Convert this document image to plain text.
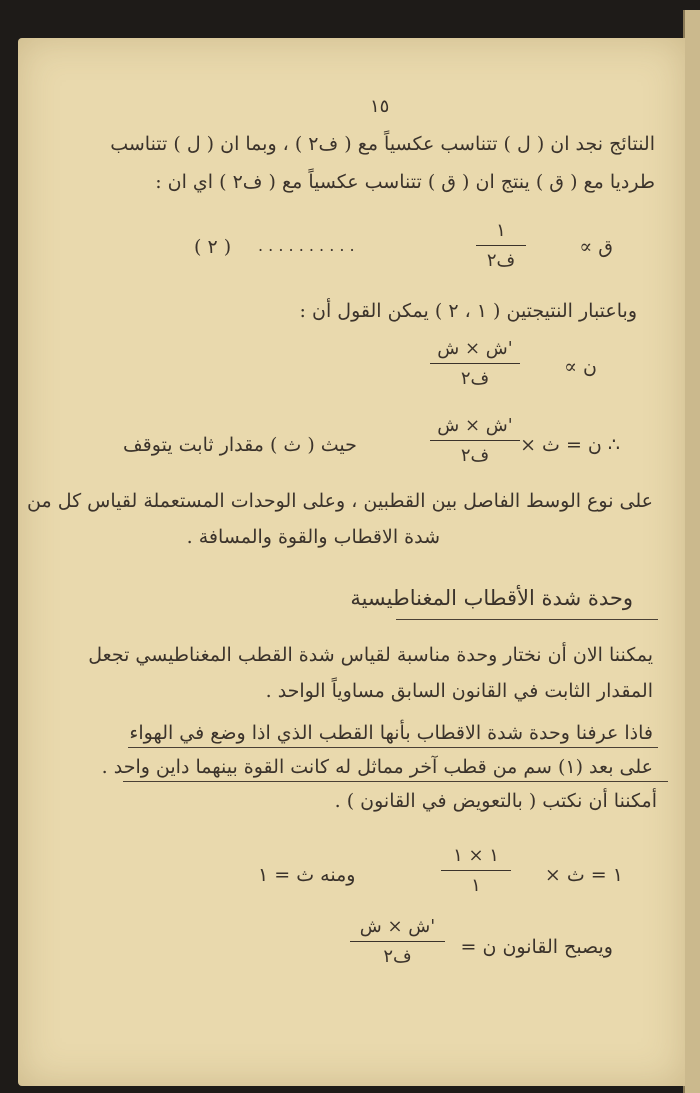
١٥
النتائج نجد ان ( ل ) تتناسب عكسياً مع ( ف٢ ) ، وبما ان ( ل ) تتناسب
طرديا مع ( ق ) ينتج ان ( ق ) تتناسب عكسياً مع ( ف٢ ) اي ان :
ق ∝
١
ف٢
. . . . . . . . . .
( ٢ )
وباعتبار النتيجتين ( ١ ، ٢ ) يمكن القول أن :
ن ∝
ش × ش'
ف٢
∴ ن = ث ×
ش × ش'
ف٢
حيث ( ث ) مقدار ثابت يتوقف
على نوع الوسط الفاصل بين القطبين ، وعلى الوحدات المستعملة لقياس كل من
شدة الاقطاب والقوة والمسافة .
وحدة شدة الأقطاب المغناطيسية
يمكننا الان أن نختار وحدة مناسبة لقياس شدة القطب المغناطيسي تجعل
المقدار الثابت في القانون السابق مساوياً الواحد .
فاذا عرفنا وحدة شدة الاقطاب بأنها القطب الذي اذا وضع في الهواء
على بعد (١) سم من قطب آخر مماثل له كانت القوة بينهما داين واحد .
أمكننا أن نكتب ( بالتعويض في القانون ) .
١ = ث ×
١ × ١
١
ومنه ث = ١
ويصبح القانون ن =
ش × ش'
ف٢
